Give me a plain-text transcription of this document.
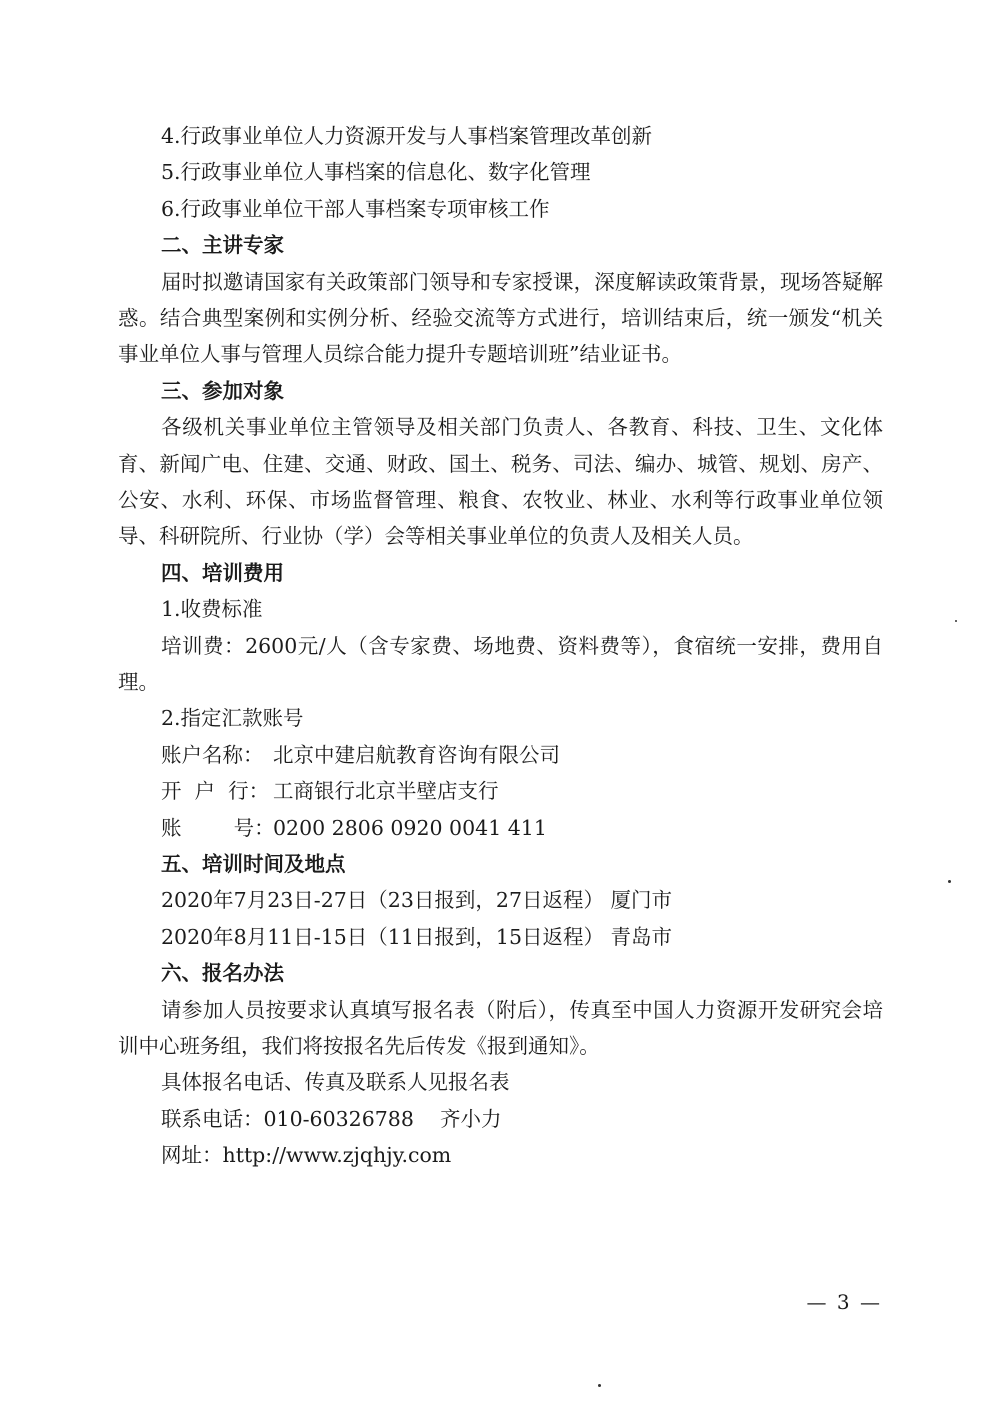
4.行政事业单位人力资源开发与人事档案管理改革创新
5.行政事业单位人事档案的信息化、数字化管理
6.行政事业单位干部人事档案专项审核工作
二、主讲专家
届时拟邀请国家有关政策部门领导和专家授课，深度解读政策背景，现场答疑解惑。结合典型案例和实例分析、经验交流等方式进行，培训结束后，统一颁发“机关事业单位人事与管理人员综合能力提升专题培训班”结业证书。
三、参加对象
各级机关事业单位主管领导及相关部门负责人、各教育、科技、卫生、文化体育、新闻广电、住建、交通、财政、国土、税务、司法、编办、城管、规划、房产、公安、水利、环保、市场监督管理、粮食、农牧业、林业、水利等行政事业单位领导、科研院所、行业协（学）会等相关事业单位的负责人及相关人员。
四、培训费用
1.收费标准
培训费：2600元/人（含专家费、场地费、资料费等），食宿统一安排，费用自理。
2.指定汇款账号
账户名称： 北京中建启航教育咨询有限公司
开  户  行： 工商银行北京半壁店支行
账        号：
0200 2806 0920 0041 411
五、培训时间及地点
2020年7月23日-27日（23日报到，27日返程） 厦门市
2020年8月11日-15日（11日报到，15日返程） 青岛市
六、报名办法
请参加人员按要求认真填写报名表（附后），传真至中国人力资源开发研究会培训中心班务组，我们将按报名先后传发《报到通知》。
具体报名电话、传真及联系人见报名表
联系电话：010-60326788    齐小力
网址：http://www.zjqhjy.com
— 3 —
